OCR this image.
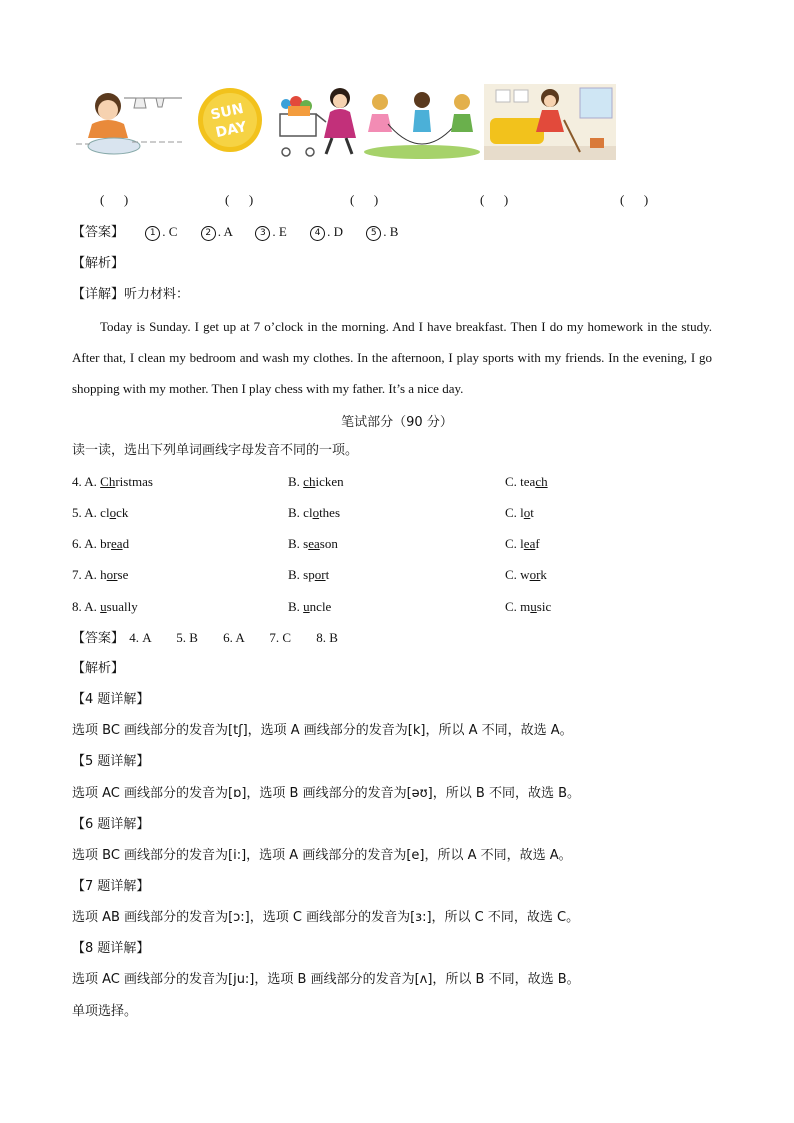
SUN
DAY
(      )	(      )	(      )	(      )	(      )
【答案】	1 . C	2 . A	3 . E	4 . D	5 . B
【解析】
【详解】听力材料：
Today is Sunday. I get up at 7 o’clock in the morning. And I have breakfast. Then I do my homework in the study. After that, I clean my bedroom and wash my clothes. In the afternoon, I play sports with my friends. In the evening, I go shopping with my mother. Then I play chess with my father. It’s a nice day.
笔试部分（90 分）
读一读，选出下列单词画线字母发音不同的一项。
4. A. Christmas	B. chicken	C. teach
5. A. clock	B. clothes	C. lot
6. A. bread	B. season	C. leaf
7. A. horse	B. sport	C. work
8. A. usually	B. uncle	C. music
【答案】 4. A 5. B 6. A 7. C 8. B
【解析】
【4 题详解】
选项 BC 画线部分的发音为[tʃ]，选项 A 画线部分的发音为[k]，所以 A 不同，故选 A。
【5 题详解】
选项 AC 画线部分的发音为[ɒ]，选项 B 画线部分的发音为[əʊ]，所以 B 不同，故选 B。
【6 题详解】
选项 BC 画线部分的发音为[i:]，选项 A 画线部分的发音为[e]，所以 A 不同，故选 A。
【7 题详解】
选项 AB 画线部分的发音为[ɔ:]，选项 C 画线部分的发音为[ɜ:]，所以 C 不同，故选 C。
【8 题详解】
选项 AC 画线部分的发音为[ju:]，选项 B 画线部分的发音为[ʌ]，所以 B 不同，故选 B。
单项选择。
